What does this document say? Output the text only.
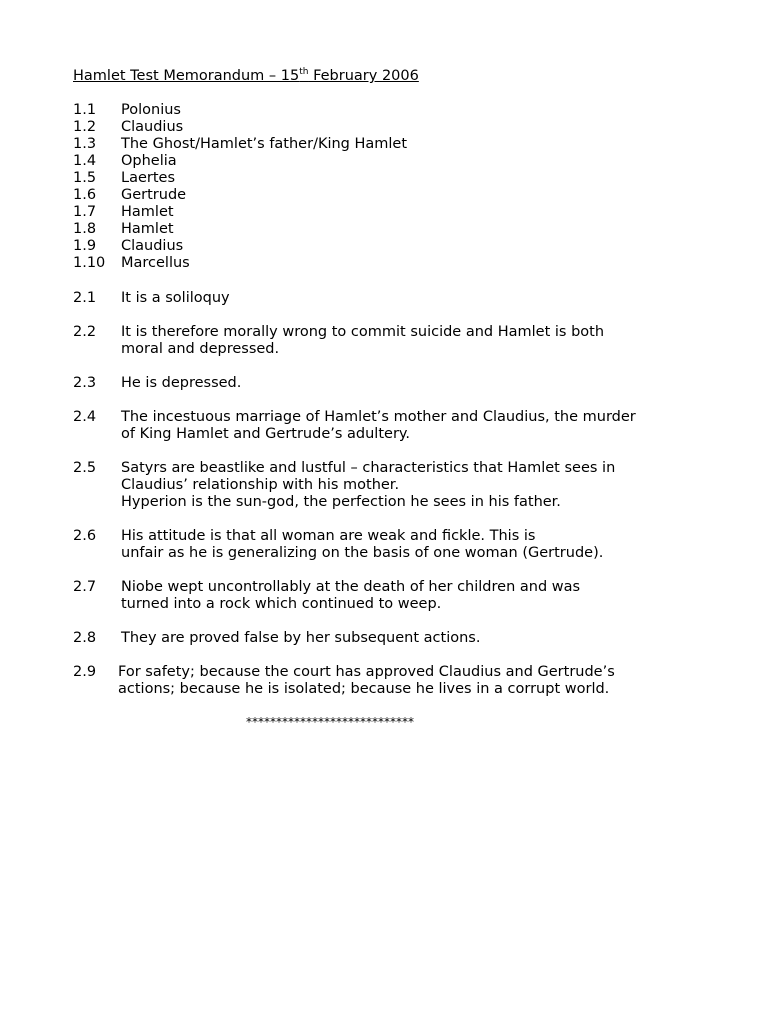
Hamlet Test Memorandum – 15th February 2006
1.1	Polonius
1.2	Claudius
1.3	The Ghost/Hamlet’s father/King Hamlet
1.4	Ophelia
1.5	Laertes
1.6	Gertrude
1.7	Hamlet
1.8	Hamlet
1.9	Claudius
1.10	Marcellus
2.1	It is a soliloquy
2.2	It is therefore morally wrong to commit suicide and Hamlet is both
moral and depressed.
2.3	He is depressed.
2.4	The incestuous marriage of Hamlet’s mother and Claudius, the murder
of King Hamlet and Gertrude’s adultery.
2.5	Satyrs are beastlike and lustful – characteristics that Hamlet sees in
Claudius’ relationship with his mother.
Hyperion is the sun-god, the perfection he sees in his father.
2.6	His attitude is that all woman are weak and fickle. This is
unfair as he is generalizing on the basis of one woman (Gertrude).
2.7	Niobe wept uncontrollably at the death of her children and was
turned into a rock which continued to weep.
2.8	They are proved false by her subsequent actions.
2.9	For safety; because the court has approved Claudius and Gertrude’s
actions; because he is isolated; because he lives in a corrupt world.
****************************
